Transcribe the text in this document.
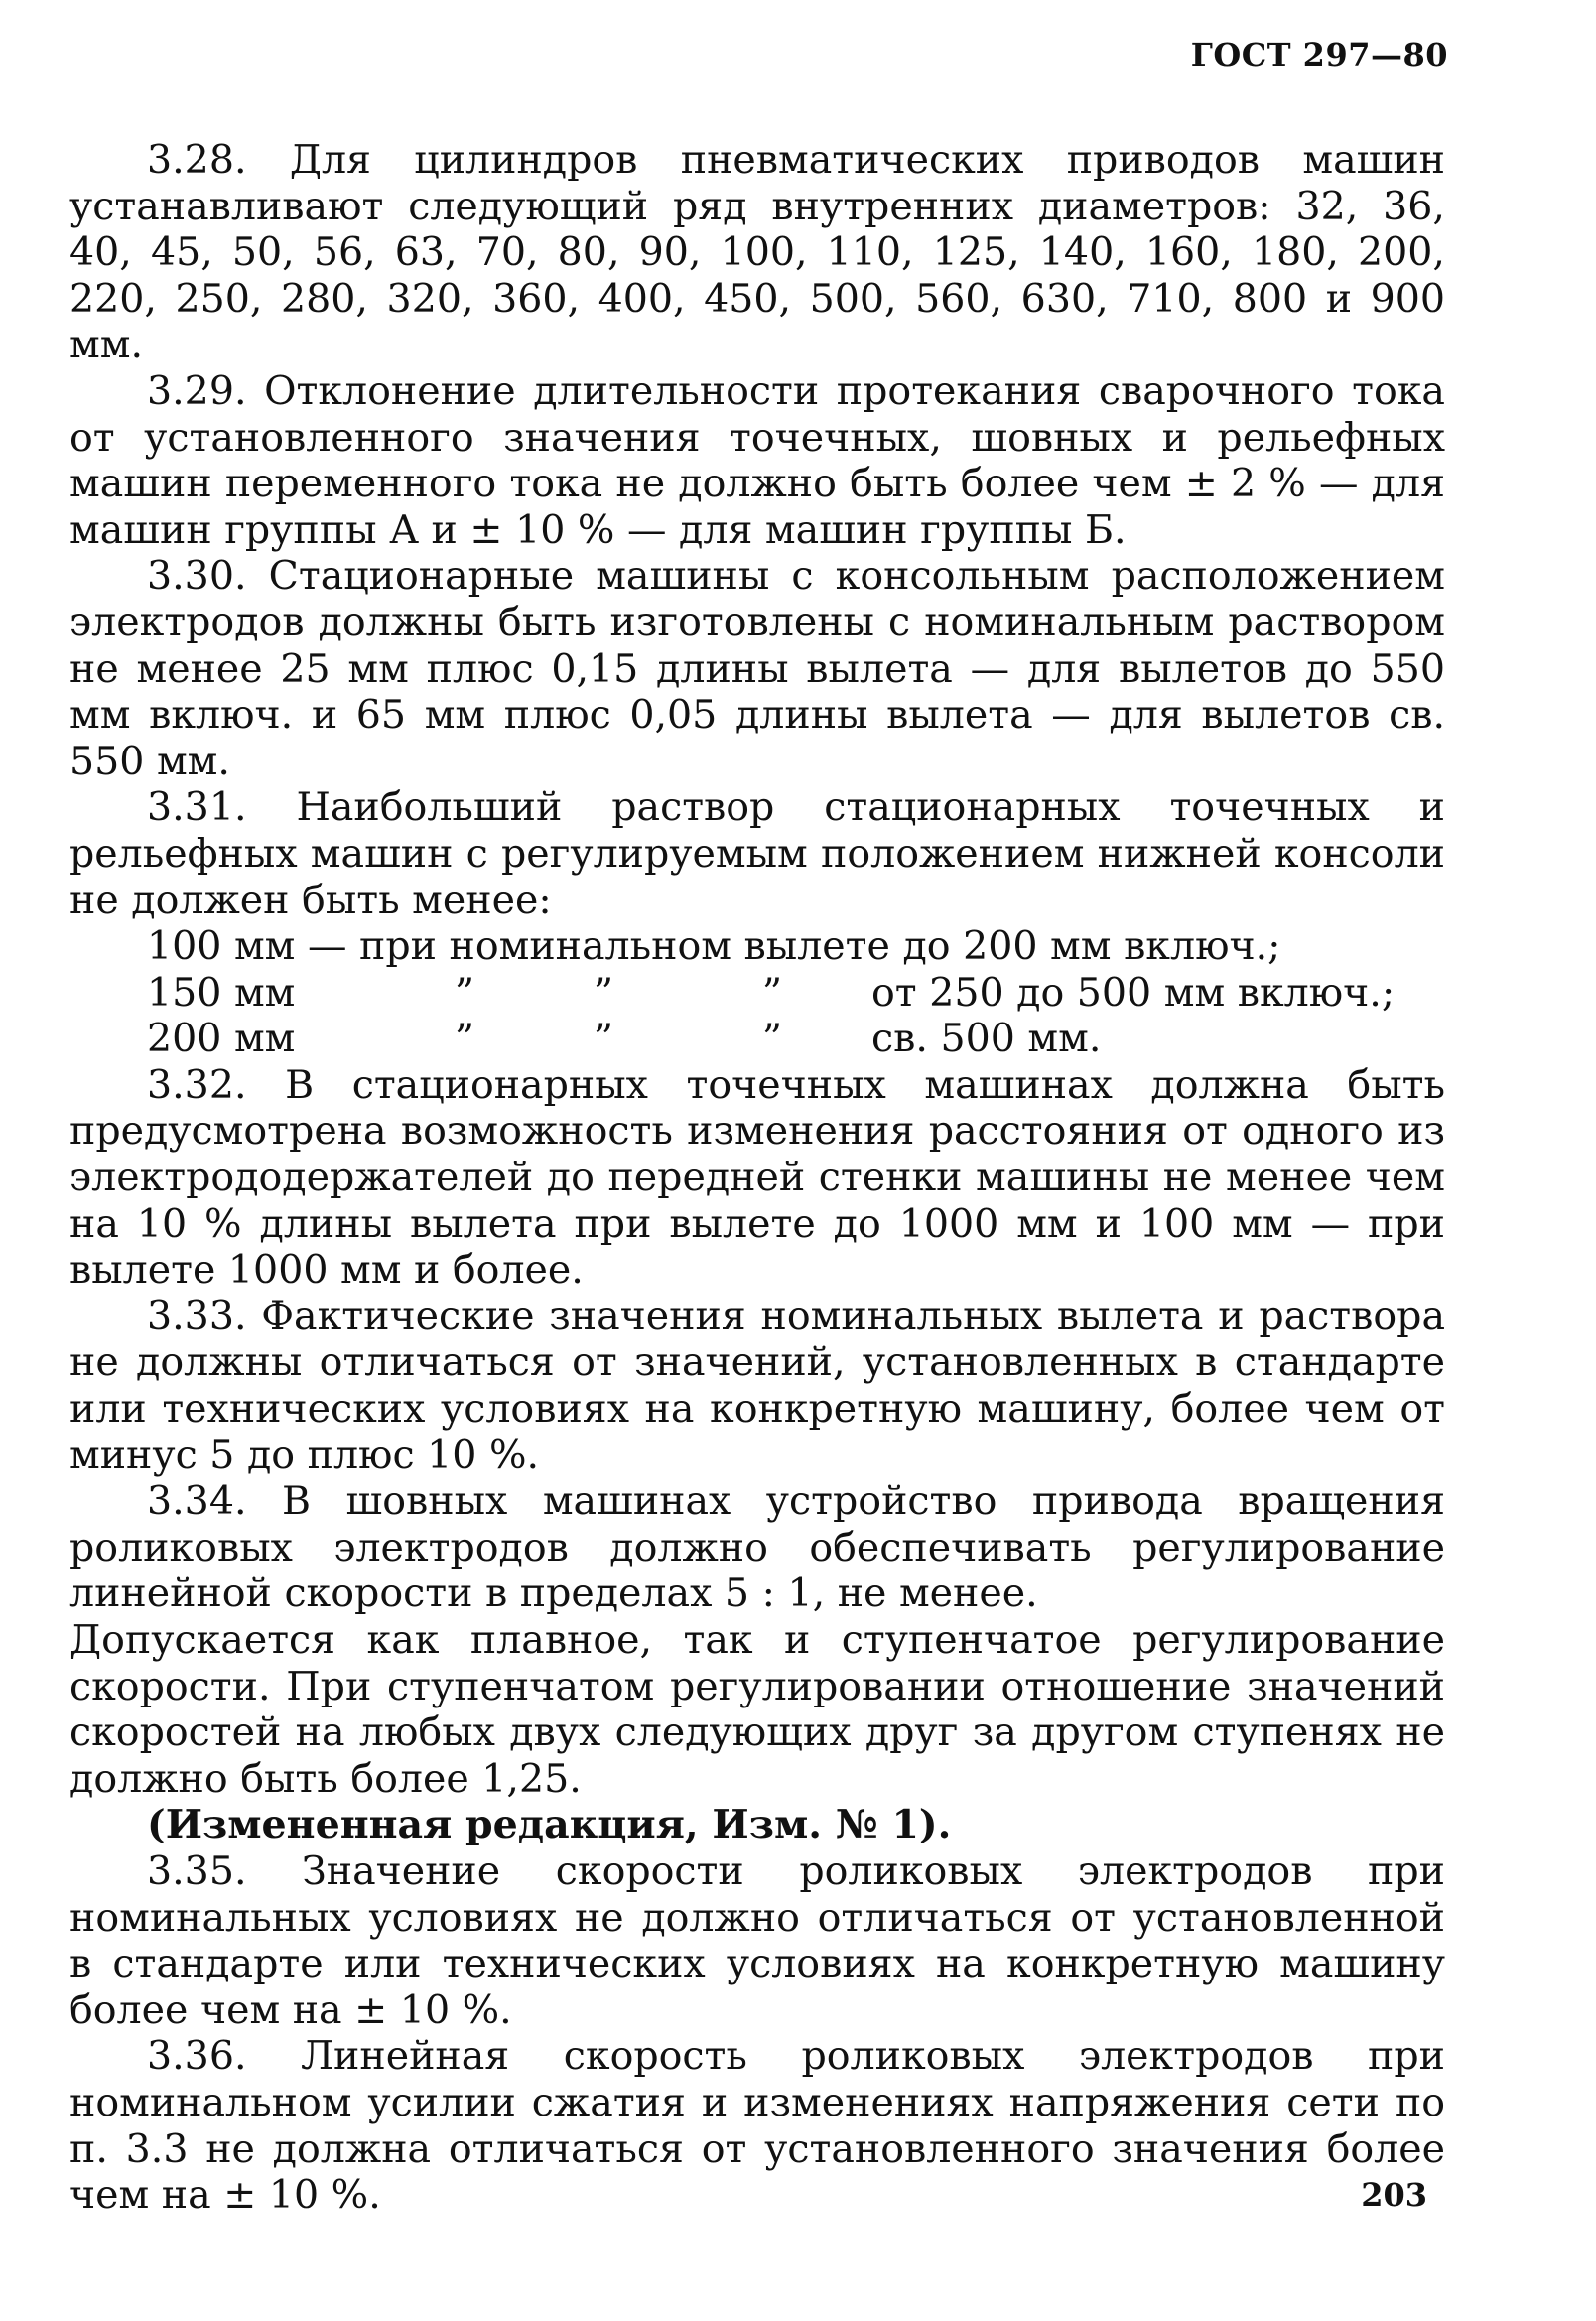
ГОСТ 297—80

3.28. Для цилиндров пневматических приводов машин устанавливают следующий ряд внутренних диаметров: 32, 36, 40, 45, 50, 56, 63, 70, 80, 90, 100, 110, 125, 140, 160, 180, 200, 220, 250, 280, 320, 360, 400, 450, 500, 560, 630, 710, 800 и 900 мм.

3.29. Отклонение длительности протекания сварочного тока от установленного значения точечных, шовных и рельефных машин переменного тока не должно быть более чем ± 2 % — для машин группы А и ± 10 % — для машин группы Б.

3.30. Стационарные машины с консольным расположением электродов должны быть изготовлены с номинальным раствором не менее 25 мм плюс 0,15 длины вылета — для вылетов до 550 мм включ. и 65 мм плюс 0,05 длины вылета — для вылетов св. 550 мм.

3.31. Наибольший раствор стационарных точечных и рельефных машин с регулируемым положением нижней консоли не должен быть менее:

100 мм — при номинальном вылете до 200 мм включ.;

150 мм	”	”	” от 250 до 500 мм включ.;

200 мм	”	”	” св. 500 мм.

3.32. В стационарных точечных машинах должна быть предусмотрена возможность изменения расстояния от одного из электрододержателей до передней стенки машины не менее чем на 10 % длины вылета при вылете до 1000 мм и 100 мм — при вылете 1000 мм и более.

3.33. Фактические значения номинальных вылета и раствора не должны отличаться от значений, установленных в стандарте или технических условиях на конкретную машину, более чем от минус 5 до плюс 10 %.

3.34. В шовных машинах устройство привода вращения роликовых электродов должно обеспечивать регулирование линейной скорости в пределах 5 : 1, не менее.

Допускается как плавное, так и ступенчатое регулирование скорости. При ступенчатом регулировании отношение значений скоростей на любых двух следующих друг за другом ступенях не должно быть более 1,25.

(Измененная редакция, Изм. № 1).

3.35. Значение скорости роликовых электродов при номинальных условиях не должно отличаться от установленной в стандарте или технических условиях на конкретную машину более чем на ± 10 %.

3.36. Линейная скорость роликовых электродов при номинальном усилии сжатия и изменениях напряжения сети по п. 3.3 не должна отличаться от установленного значения более чем на ± 10 %.	203
